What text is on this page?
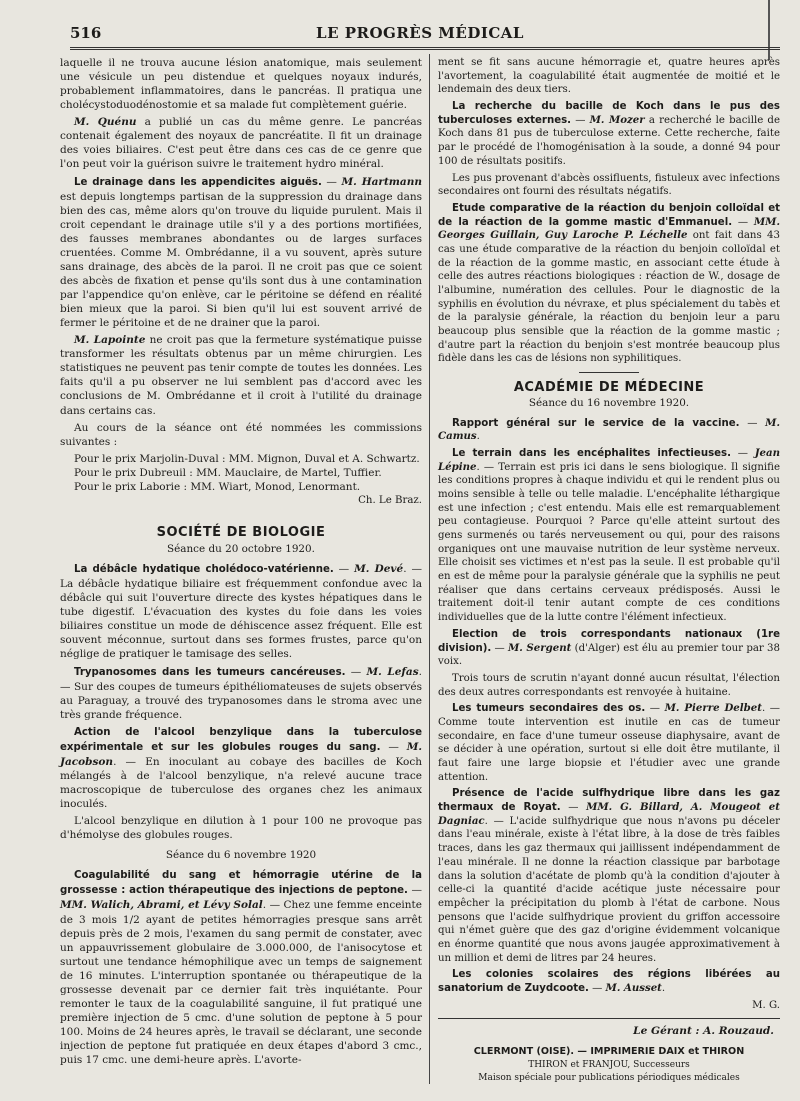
516	LE PROGRÈS MÉDICAL

laquelle il ne trouva aucune lésion anatomique, mais seulement une vésicule un peu distendue et quelques noyaux indurés, probablement inflammatoires, dans le pancréas. Il pratiqua une cholécystoduodénostomie et sa malade fut complètement guérie.

M. Quénu a publié un cas du même genre. Le pancréas contenait également des noyaux de pancréatite. Il fit un drainage des voies biliaires. C'est peut être dans ces cas de ce genre que l'on peut voir la guérison suivre le traitement hydro minéral.

Le drainage dans les appendicites aiguës. — M. Hartmann est depuis longtemps partisan de la suppression du drainage dans bien des cas, même alors qu'on trouve du liquide purulent. Mais il croit cependant le drainage utile s'il y a des portions mortifiées, des fausses membranes abondantes ou de larges surfaces cruentées. Comme M. Ombrédanne, il a vu souvent, après suture sans drainage, des abcès de la paroi. Il ne croit pas que ce soient des abcès de fixation et pense qu'ils sont dus à une contamination par l'appendice qu'on enlève, car le péritoine se défend en réalité bien mieux que la paroi. Si bien qu'il lui est souvent arrivé de fermer le péritoine et de ne drainer que la paroi.

M. Lapointe ne croit pas que la fermeture systématique puisse transformer les résultats obtenus par un même chirurgien. Les statistiques ne peuvent pas tenir compte de toutes les données. Les faits qu'il a pu observer ne lui semblent pas d'accord avec les conclusions de M. Ombrédanne et il croit à l'utilité du drainage dans certains cas.

Au cours de la séance ont été nommées les commissions suivantes :

Pour le prix Marjolin-Duval : MM. Mignon, Duval et A. Schwartz.

Pour le prix Dubreuil : MM. Mauclaire, de Martel, Tuffier.

Pour le prix Laborie : MM. Wiart, Monod, Lenormant.

Ch. Le Braz.
SOCIÉTÉ DE BIOLOGIE
Séance du 20 octobre 1920.

La débâcle hydatique cholédoco-vatérienne. — M. Devé. — La débâcle hydatique biliaire est fréquemment confondue avec la débâcle qui suit l'ouverture directe des kystes hépatiques dans le tube digestif. L'évacuation des kystes du foie dans les voies biliaires constitue un mode de déhiscence assez fréquent. Elle est souvent méconnue, surtout dans ses formes frustes, parce qu'on néglige de pratiquer le tamisage des selles.

Trypanosomes dans les tumeurs cancéreuses. — M. Lefas. — Sur des coupes de tumeurs épithéliomateuses de sujets observés au Paraguay, a trouvé des trypanosomes dans le stroma avec une très grande fréquence.

Action de l'alcool benzylique dans la tuberculose expérimentale et sur les globules rouges du sang. — M. Jacobson. — En inoculant au cobaye des bacilles de Koch mélangés à de l'alcool benzylique, n'a relevé aucune trace macroscopique de tuberculose des organes chez les animaux inoculés.

L'alcool benzylique en dilution à 1 pour 100 ne provoque pas d'hémolyse des globules rouges.

Séance du 6 novembre 1920

Coagulabilité du sang et hémorragie utérine de la grossesse : action thérapeutique des injections de peptone. — MM. Walich, Abrami, et Lévy Solal. — Chez une femme enceinte de 3 mois 1/2 ayant de petites hémorragies presque sans arrêt depuis près de 2 mois, l'examen du sang permit de constater, avec un appauvrissement globulaire de 3.000.000, de l'anisocytose et surtout une tendance hémophilique avec un temps de saignement de 16 minutes. L'interruption spontanée ou thérapeutique de la grossesse devenait par ce dernier fait très inquiétante. Pour remonter le taux de la coagulabilité sanguine, il fut pratiqué une première injection de 5 cmc. d'une solution de peptone à 5 pour 100. Moins de 24 heures après, le travail se déclarant, une seconde injection de peptone fut pratiquée en deux étapes d'abord 3 cmc., puis 17 cmc. une demi-heure après. L'avorte-

ment se fit sans aucune hémorragie et, quatre heures après l'avortement, la coagulabilité était augmentée de moitié et le lendemain des deux tiers.

La recherche du bacille de Koch dans le pus des tuberculoses externes. — M. Mozer a recherché le bacille de Koch dans 81 pus de tuberculose externe. Cette recherche, faite par le procédé de l'homogénisation à la soude, a donné 94 pour 100 de résultats positifs.

Les pus provenant d'abcès ossifluents, fistuleux avec infections secondaires ont fourni des résultats négatifs.

Etude comparative de la réaction du benjoin colloïdal et de la réaction de la gomme mastic d'Emmanuel. — MM. Georges Guillain, Guy Laroche P. Léchelle ont fait dans 43 cas une étude comparative de la réaction du benjoin colloïdal et de la réaction de la gomme mastic, en associant cette étude à celle des autres réactions biologiques : réaction de W., dosage de l'albumine, numération des cellules. Pour le diagnostic de la syphilis en évolution du névraxe, et plus spécialement du tabès et de la paralysie générale, la réaction du benjoin leur a paru beaucoup plus sensible que la réaction de la gomme mastic ; d'autre part la réaction du benjoin s'est montrée beaucoup plus fidèle dans les cas de lésions non syphilitiques.

ACADÉMIE DE MÉDECINE
Séance du 16 novembre 1920.

Rapport général sur le service de la vaccine. — M. Camus.

Le terrain dans les encéphalites infectieuses. — Jean Lépine. — Terrain est pris ici dans le sens biologique. Il signifie les conditions propres à chaque individu et qui le rendent plus ou moins sensible à telle ou telle maladie. L'encéphalite léthargique est une infection ; c'est entendu. Mais elle est remarquablement peu contagieuse. Pourquoi ? Parce qu'elle atteint surtout des gens surmenés ou tarés nerveusement ou qui, pour des raisons organiques ont une mauvaise nutrition de leur système nerveux. Elle choisit ses victimes et n'est pas la seule. Il est probable qu'il en est de même pour la paralysie générale que la syphilis ne peut réaliser que dans certains cerveaux prédisposés. Aussi le traitement doit-il tenir autant compte de ces conditions individuelles que de la lutte contre l'élément infectieux.

Election de trois correspondants nationaux (1re division). — M. Sergent (d'Alger) est élu au premier tour par 38 voix.

Trois tours de scrutin n'ayant donné aucun résultat, l'élection des deux autres correspondants est renvoyée à huitaine.

Les tumeurs secondaires des os. — M. Pierre Delbet. — Comme toute intervention est inutile en cas de tumeur secondaire, en face d'une tumeur osseuse diaphysaire, avant de se décider à une opération, surtout si elle doit être mutilante, il faut faire une large biopsie et l'étudier avec une grande attention.

Présence de l'acide sulfhydrique libre dans les gaz thermaux de Royat. — MM. G. Billard, A. Mougeot et Dagniac. — L'acide sulfhydrique que nous n'avons pu déceler dans l'eau minérale, existe à l'état libre, à la dose de très faibles traces, dans les gaz thermaux qui jaillissent indépendamment de l'eau minérale. Il ne donne la réaction classique par barbotage dans la solution d'acétate de plomb qu'à la condition d'ajouter à celle-ci la quantité d'acide acétique juste nécessaire pour empêcher la précipitation du plomb à l'état de carbone. Nous pensons que l'acide sulfhydrique provient du griffon accessoire qui n'émet guère que des gaz d'origine évidemment volcanique en énorme quantité que nous avons jaugée approximativement à un million et demi de litres par 24 heures.

Les colonies scolaires des régions libérées au sanatorium de Zuydcoote. — M. Ausset.

M. G.
Le Gérant : A. Rouzaud.
CLERMONT (OISE). — IMPRIMERIE DAIX et THIRON
THIRON et FRANJOU, Successeurs
Maison spéciale pour publications périodiques médicales
